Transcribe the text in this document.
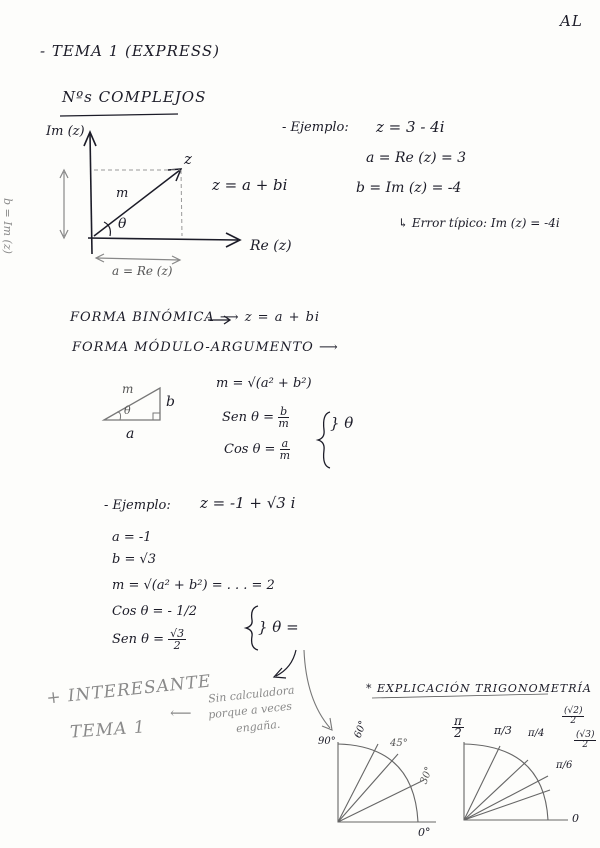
AL
- TEMA 1 (EXPRESS)
Nºs COMPLEJOS
Im (z)
z
m
θ
b = Im (z)
a = Re (z)
Re (z)
z = a + bi
- Ejemplo: z = 3 - 4i
a = Re (z) = 3
b = Im (z) = -4
↳ Error típico: Im (z) = -4i
FORMA BINÓMICA ⟶ z = a + bi
FORMA MÓDULO-ARGUMENTO ⟶
m
b
a
θ
m = √(a² + b²)
Sen $\theta = \frac{b}{m}$
Cos $\theta = \frac{a}{m}$
} θ
- Ejemplo: z = -1 + √3 i
a = -1
b = √3
m = √(a² + b²) = . . . = 2
Cos θ = - 1/2
Sen $\theta = \frac{√3}{2}$
} θ =
+ INTERESANTE
TEMA 1
⟵
Sin calculadora
porque a veces
engaña.
* EXPLICACIÓN TRIGONOMETRÍA
90°
60°
45°
30°
0°
$\frac{\pi}{2}$	π/3 π/4
π/6
0
$\frac{(√2)}{2}$
$\frac{(√3)}{2}$
